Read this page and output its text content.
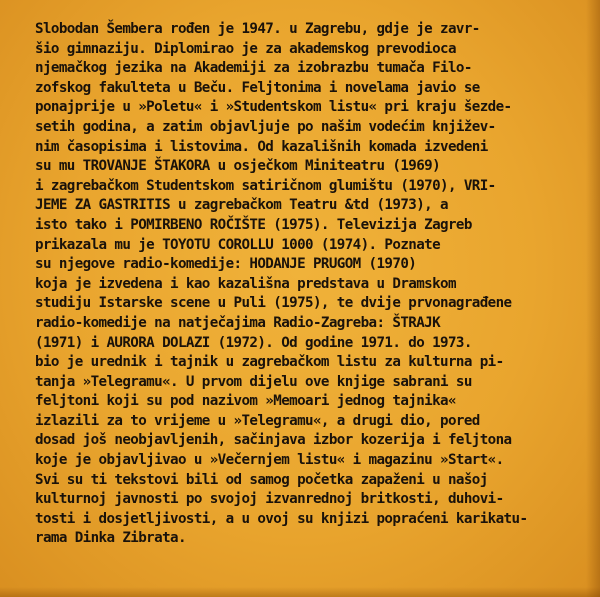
Slobodan Šembera rođen je 1947. u Zagrebu, gdje je zavr-
šio gimnaziju. Diplomirao je za akademskog prevodioca
njemačkog jezika na Akademiji za izobrazbu tumača Filo-
zofskog fakulteta u Beču. Feljtonima i novelama javio se
ponajprije u »Poletu« i »Studentskom listu« pri kraju šezde-
setih godina, a zatim objavljuje po našim vodećim književ-
nim časopisima i listovima. Od kazališnih komada izvedeni
su mu TROVANJE ŠTAKORA u osječkom Miniteatru (1969)
i zagrebačkom Studentskom satiričnom glumištu (1970), VRI-
JEME ZA GASTRITIS u zagrebačkom Teatru &td (1973), a
isto tako i POMIRBENO ROČIŠTE (1975). Televizija Zagreb
prikazala mu je TOYOTU COROLLU 1000 (1974). Poznate
su njegove radio-komedije: HODANJE PRUGOM (1970)
koja je izvedena i kao kazališna predstava u Dramskom
studiju Istarske scene u Puli (1975), te dvije prvonagrađene
radio-komedije na natječajima Radio-Zagreba: ŠTRAJK
(1971) i AURORA DOLAZI (1972). Od godine 1971. do 1973.
bio je urednik i tajnik u zagrebačkom listu za kulturna pi-
tanja »Telegramu«. U prvom dijelu ove knjige sabrani su
feljtoni koji su pod nazivom »Memoari jednog tajnika«
izlazili za to vrijeme u »Telegramu«, a drugi dio, pored
dosad još neobjavljenih, sačinjava izbor kozerija i feljtona
koje je objavljivao u »Večernjem listu« i magazinu »Start«.
Svi su ti tekstovi bili od samog početka zapaženi u našoj
kulturnoj javnosti po svojoj izvanrednoj britkosti, duhovi-
tosti i dosjetljivosti, a u ovoj su knjizi popraćeni karikatu-
rama Dinka Zibrata.
